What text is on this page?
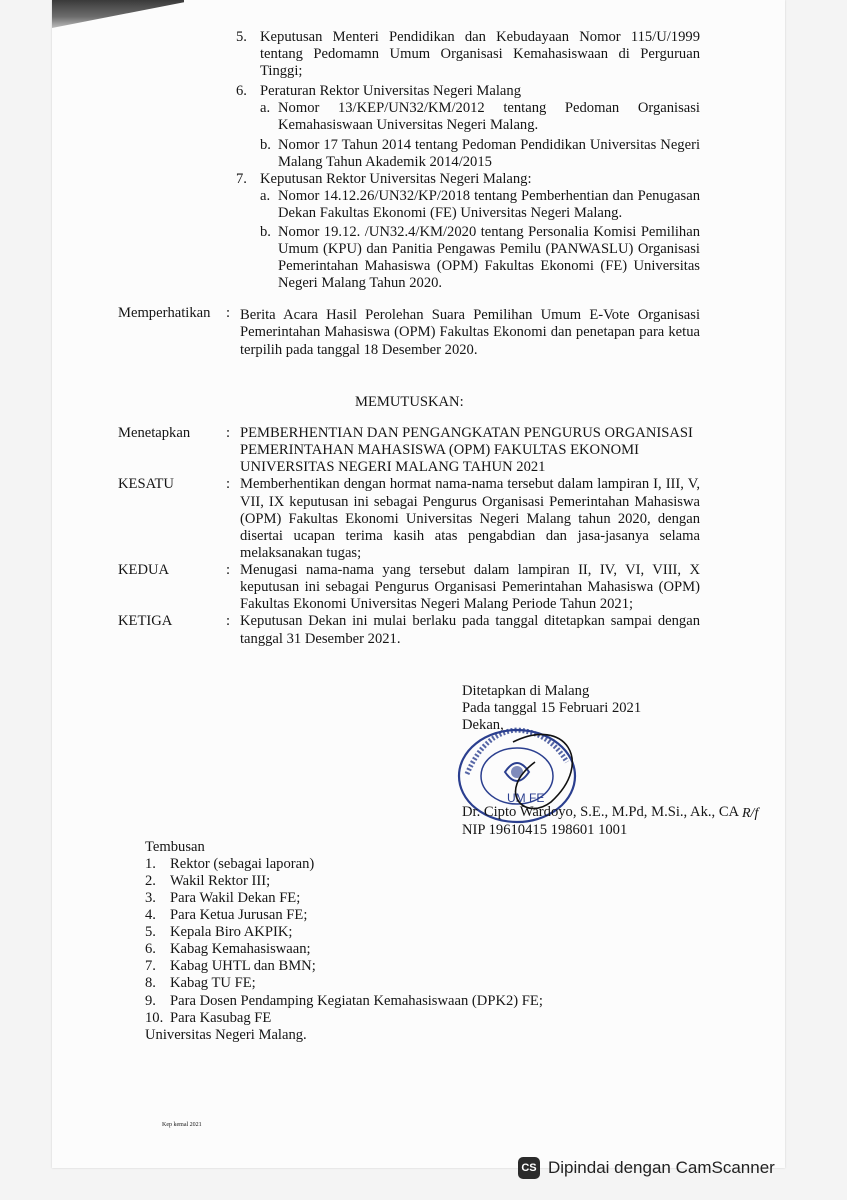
5. Keputusan Menteri Pendidikan dan Kebudayaan Nomor 115/U/1999
tentang Pedomamn Umum Organisasi Kemahasiswaan di Perguruan
Tinggi;
6. Peraturan Rektor Universitas Negeri Malang
a. Nomor 13/KEP/UN32/KM/2012 tentang Pedoman Organisasi
Kemahasiswaan Universitas Negeri Malang.
b. Nomor 17 Tahun 2014 tentang Pedoman Pendidikan Universitas Negeri
Malang Tahun Akademik 2014/2015
7. Keputusan Rektor Universitas Negeri Malang:
a. Nomor 14.12.26/UN32/KP/2018 tentang Pemberhentian dan Penugasan
Dekan Fakultas Ekonomi (FE) Universitas Negeri Malang.
b. Nomor 19.12. /UN32.4/KM/2020 tentang Personalia Komisi Pemilihan
Umum (KPU) dan Panitia Pengawas Pemilu (PANWASLU) Organisasi
Pemerintahan Mahasiswa (OPM) Fakultas Ekonomi (FE) Universitas
Negeri Malang Tahun 2020.
Memperhatikan : Berita Acara Hasil Perolehan Suara Pemilihan Umum E-Vote Organisasi
Pemerintahan Mahasiswa (OPM) Fakultas Ekonomi dan penetapan para ketua
terpilih pada tanggal 18 Desember 2020.
MEMUTUSKAN:
Menetapkan : PEMBERHENTIAN DAN PENGANGKATAN PENGURUS ORGANISASI
PEMERINTAHAN MAHASISWA (OPM) FAKULTAS EKONOMI
UNIVERSITAS NEGERI MALANG TAHUN 2021
KESATU	: Memberhentikan dengan hormat nama-nama tersebut dalam lampiran I, III, V,
VII, IX keputusan ini sebagai Pengurus Organisasi Pemerintahan Mahasiswa
(OPM) Fakultas Ekonomi Universitas Negeri Malang tahun 2020, dengan
disertai ucapan terima kasih atas pengabdian dan jasa-jasanya selama
melaksanakan tugas;
KEDUA	: Menugasi nama-nama yang tersebut dalam lampiran II, IV, VI, VIII, X
keputusan ini sebagai Pengurus Organisasi Pemerintahan Mahasiswa (OPM)
Fakultas Ekonomi Universitas Negeri Malang Periode Tahun 2021;
KETIGA	: Keputusan Dekan ini mulai berlaku pada tanggal ditetapkan sampai dengan
tanggal 31 Desember 2021.
Ditetapkan di Malang
Pada tanggal 15 Februari 2021
Dekan,
UM FE
Dr. Cipto Wardoyo, S.E., M.Pd, M.Si., Ak., CA
NIP 19610415 198601 1001
R/f
Tembusan
1. Rektor (sebagai laporan)
2. Wakil Rektor III;
3. Para Wakil Dekan FE;
4. Para Ketua Jurusan FE;
5. Kepala Biro AKPIK;
6. Kabag Kemahasiswaan;
7. Kabag UHTL dan BMN;
8. Kabag TU FE;
9. Para Dosen Pendamping Kegiatan Kemahasiswaan (DPK2) FE;
10. Para Kasubag FE
Universitas Negeri Malang.
Kep kemal 2021
CS Dipindai dengan CamScanner
